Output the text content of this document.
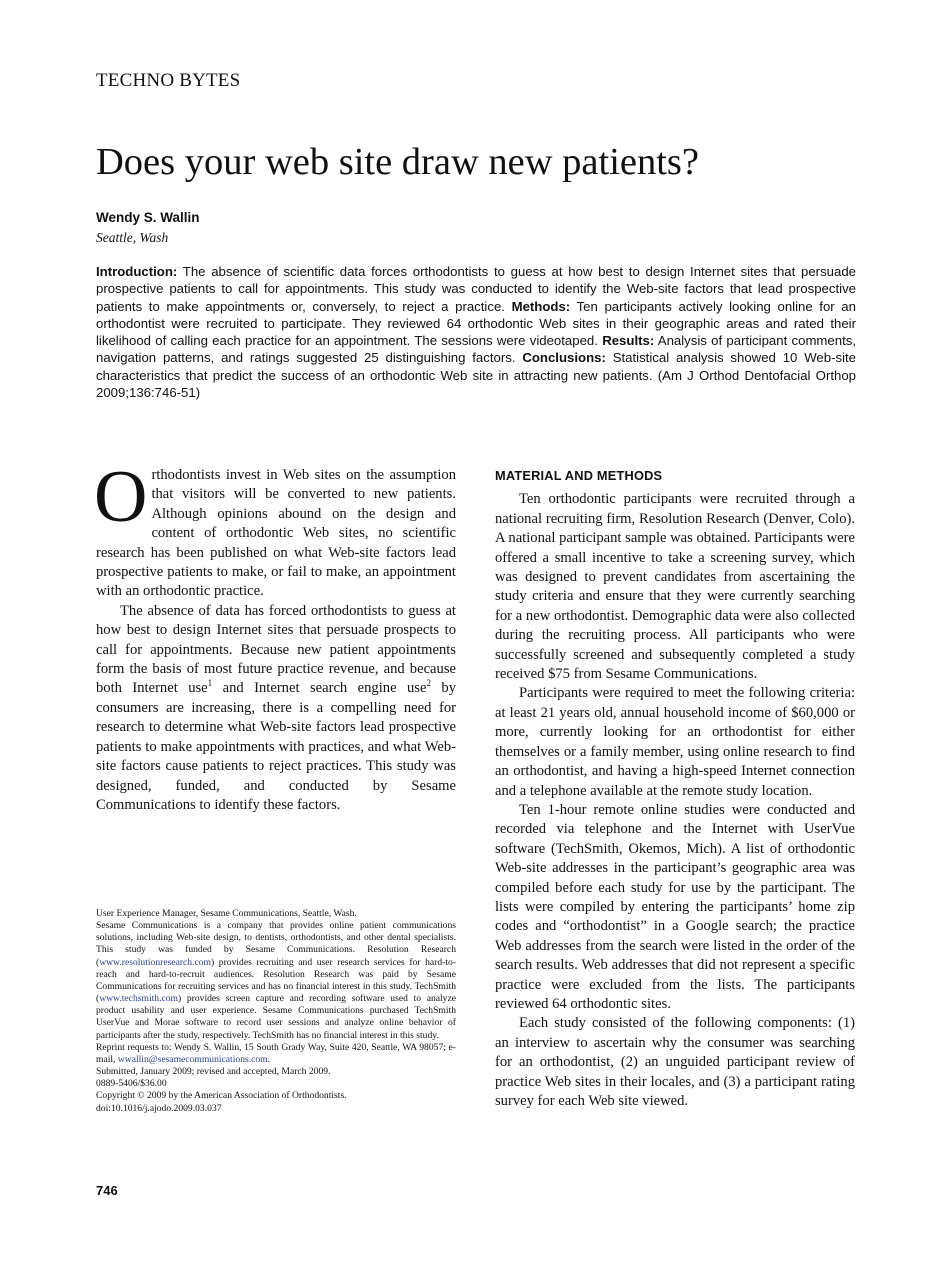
TECHNO BYTES
Does your web site draw new patients?
Wendy S. Wallin
Seattle, Wash

Introduction: The absence of scientific data forces orthodontists to guess at how best to design Internet sites that persuade prospective patients to call for appointments. This study was conducted to identify the Web-site factors that lead prospective patients to make appointments or, conversely, to reject a practice. Methods: Ten participants actively looking online for an orthodontist were recruited to participate. They reviewed 64 orthodontic Web sites in their geographic areas and rated their likelihood of calling each practice for an appointment. The sessions were videotaped. Results: Analysis of participant comments, navigation patterns, and ratings suggested 25 distinguishing factors. Conclusions: Statistical analysis showed 10 Web-site characteristics that predict the success of an orthodontic Web site in attracting new patients. (Am J Orthod Dentofacial Orthop 2009;136:746-51)

Orthodontists invest in Web sites on the assumption that visitors will be converted to new patients. Although opinions abound on the design and content of orthodontic Web sites, no scientific research has been published on what Web-site factors lead prospective patients to make, or fail to make, an appointment with an orthodontic practice.

The absence of data has forced orthodontists to guess at how best to design Internet sites that persuade prospects to call for appointments. Because new patient appointments form the basis of most future practice revenue, and because both Internet use$^1$ and Internet search engine use$^2$ by consumers are increasing, there is a compelling need for research to determine what Web-site factors lead prospective patients to make appointments with practices, and what Web-site factors cause patients to reject practices. This study was designed, funded, and conducted by Sesame Communications to identify these factors.

MATERIAL AND METHODS

Ten orthodontic participants were recruited through a national recruiting firm, Resolution Research (Denver, Colo). A national participant sample was obtained. Participants were offered a small incentive to take a screening survey, which was designed to prevent candidates from ascertaining the study criteria and ensure that they were currently searching for a new orthodontist. Demographic data were also collected during the recruiting process. All participants who were successfully screened and subsequently completed a study received $75 from Sesame Communications.

Participants were required to meet the following criteria: at least 21 years old, annual household income of $60,000 or more, currently looking for an orthodontist for either themselves or a family member, using online research to find an orthodontist, and having a high-speed Internet connection and a telephone available at the remote study location.

Ten 1-hour remote online studies were conducted and recorded via telephone and the Internet with UserVue software (TechSmith, Okemos, Mich). A list of orthodontic Web-site addresses in the participant’s geographic area was compiled before each study for use by the participant. The lists were compiled by entering the participants’ home zip codes and “orthodontist” in a Google search; the practice Web addresses from the search were listed in the order of the search results. Web addresses that did not represent a specific practice were excluded from the lists. The participants reviewed 64 orthodontic sites.

Each study consisted of the following components: (1) an interview to ascertain why the consumer was searching for an orthodontist, (2) an unguided participant review of practice Web sites in their locales, and (3) a participant rating survey for each Web site viewed.

User Experience Manager, Sesame Communications, Seattle, Wash.

Sesame Communications is a company that provides online patient communications solutions, including Web-site design, to dentists, orthodontists, and other dental specialists. This study was funded by Sesame Communications. Resolution Research (www.resolutionresearch.com) provides recruiting and user research services for hard-to-reach and hard-to-recruit audiences. Resolution Research was paid by Sesame Communications for recruiting services and has no financial interest in this study. TechSmith (www.techsmith.com) provides screen capture and recording software used to analyze product usability and user experience. Sesame Communications purchased TechSmith UserVue and Morae software to record user sessions and analyze online behavior of participants after the study, respectively. TechSmith has no financial interest in this study.

Reprint requests to: Wendy S. Wallin, 15 South Grady Way, Suite 420, Seattle, WA 98057; e-mail, wwallin@sesamecommunications.com.

Submitted, January 2009; revised and accepted, March 2009.

0889-5406/$36.00

Copyright © 2009 by the American Association of Orthodontists.

doi:10.1016/j.ajodo.2009.03.037

746
